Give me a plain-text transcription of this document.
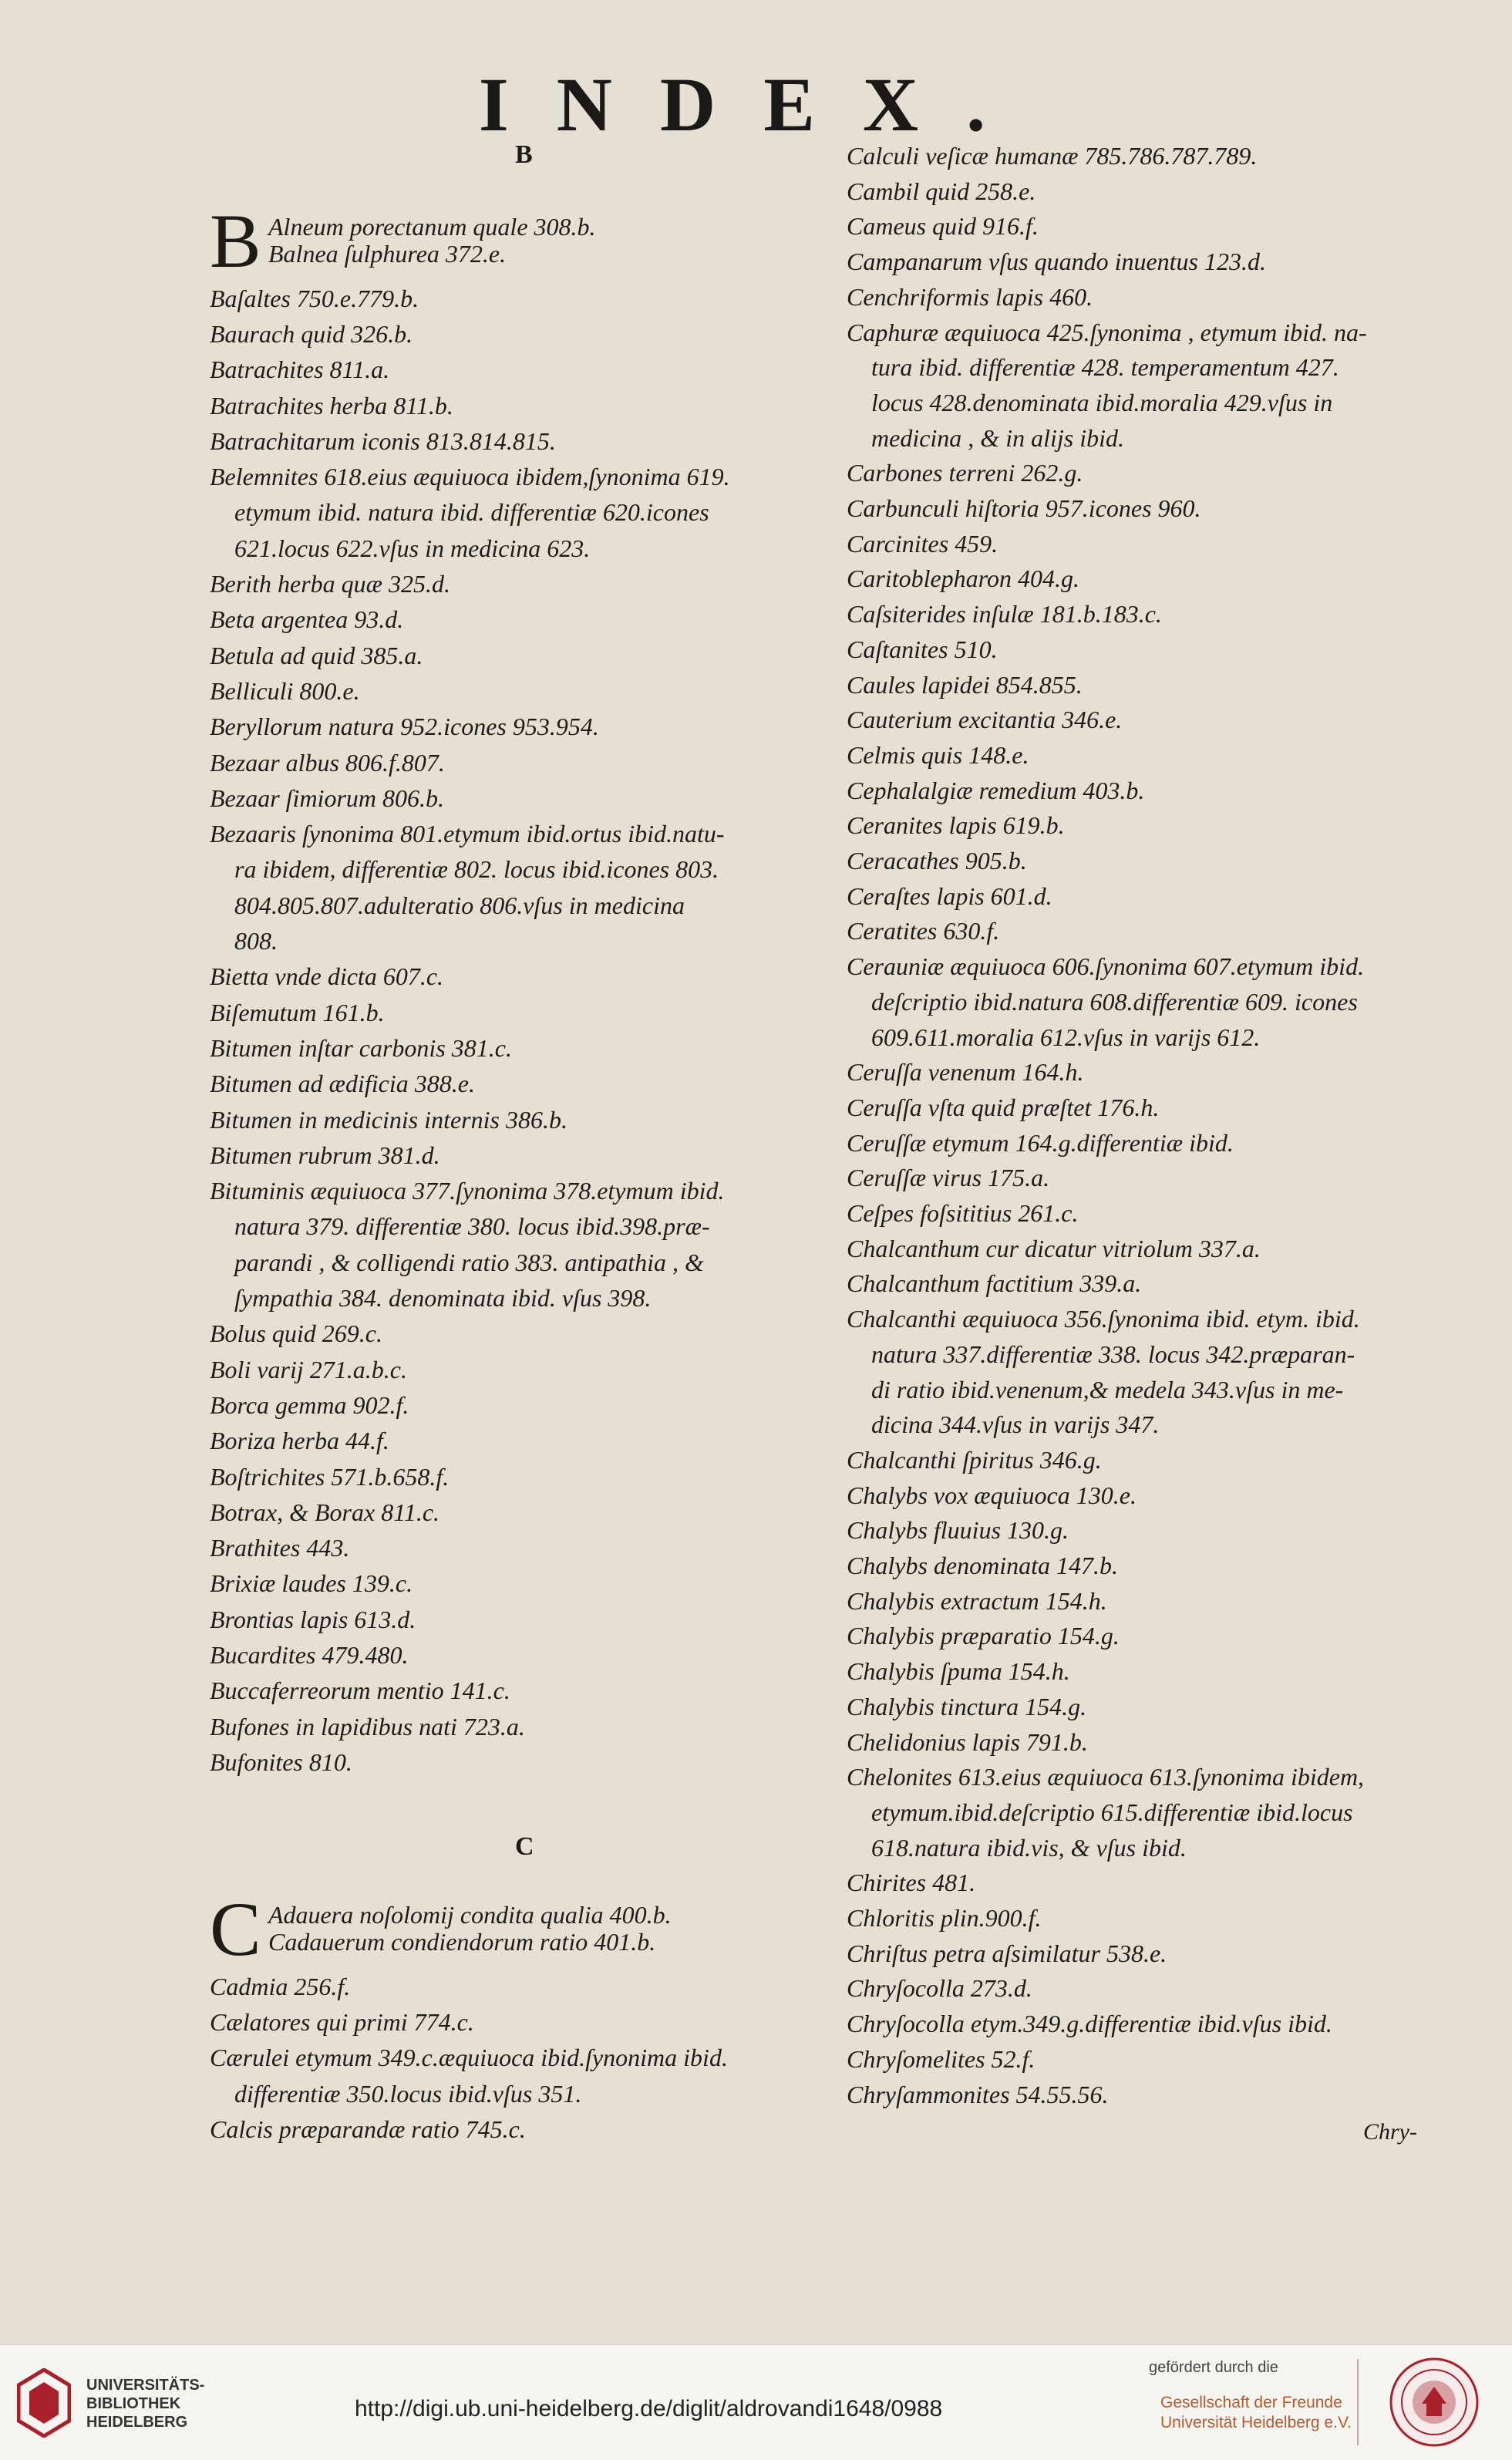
INDEX.
B
B Alneum porectanum quale 308.b.
Balnea ſulphurea 372.e.
Baſaltes 750.e.779.b.
Baurach quid 326.b.
Batrachites 811.a.
Batrachites herba 811.b.
Batrachitarum iconis 813.814.815.
Belemnites 618.eius æquiuoca ibidem,ſynonima 619.
etymum ibid. natura ibid. differentiæ 620.icones
621.locus 622.vſus in medicina 623.
Berith herba quæ 325.d.
Beta argentea 93.d.
Betula ad quid 385.a.
Belliculi 800.e.
Beryllorum natura 952.icones 953.954.
Bezaar albus 806.f.807.
Bezaar ſimiorum 806.b.
Bezaaris ſynonima 801.etymum ibid.ortus ibid.natu-
ra ibidem, differentiæ 802. locus ibid.icones 803.
804.805.807.adulteratio 806.vſus in medicina
808.
Bietta vnde dicta 607.c.
Biſemutum 161.b.
Bitumen inſtar carbonis 381.c.
Bitumen ad ædificia 388.e.
Bitumen in medicinis internis 386.b.
Bitumen rubrum 381.d.
Bituminis æquiuoca 377.ſynonima 378.etymum ibid.
natura 379. differentiæ 380. locus ibid.398.præ-
parandi , & colligendi ratio 383. antipathia , &
ſympathia 384. denominata ibid. vſus 398.
Bolus quid 269.c.
Boli varij 271.a.b.c.
Borca gemma 902.f.
Boriza herba 44.f.
Boſtrichites 571.b.658.f.
Botrax, & Borax 811.c.
Brathites 443.
Brixiæ laudes 139.c.
Brontias lapis 613.d.
Bucardites 479.480.
Buccaferreorum mentio 141.c.
Bufones in lapidibus nati 723.a.
Bufonites 810.
C
C Adauera noſolomij condita qualia 400.b.
Cadauerum condiendorum ratio 401.b.
Cadmia 256.f.
Cælatores qui primi 774.c.
Cærulei etymum 349.c.æquiuoca ibid.ſynonima ibid.
differentiæ 350.locus ibid.vſus 351.
Calcis præparandæ ratio 745.c.
Calculi veſicæ humanæ 785.786.787.789.
Cambil quid 258.e.
Cameus quid 916.f.
Campanarum vſus quando inuentus 123.d.
Cenchriformis lapis 460.
Caphuræ æquiuoca 425.ſynonima , etymum ibid. na-
tura ibid. differentiæ 428. temperamentum 427.
locus 428.denominata ibid.moralia 429.vſus in
medicina , & in alijs ibid.
Carbones terreni 262.g.
Carbunculi hiſtoria 957.icones 960.
Carcinites 459.
Caritoblepharon 404.g.
Caſsiterides inſulæ 181.b.183.c.
Caſtanites 510.
Caules lapidei 854.855.
Cauterium excitantia 346.e.
Celmis quis 148.e.
Cephalalgiæ remedium 403.b.
Ceranites lapis 619.b.
Ceracathes 905.b.
Ceraſtes lapis 601.d.
Ceratites 630.f.
Cerauniæ æquiuoca 606.ſynonima 607.etymum ibid.
deſcriptio ibid.natura 608.differentiæ 609. icones
609.611.moralia 612.vſus in varijs 612.
Ceruſſa venenum 164.h.
Ceruſſa vſta quid præſtet 176.h.
Ceruſſæ etymum 164.g.differentiæ ibid.
Ceruſſæ virus 175.a.
Ceſpes foſsititius 261.c.
Chalcanthum cur dicatur vitriolum 337.a.
Chalcanthum factitium 339.a.
Chalcanthi æquiuoca 356.ſynonima ibid. etym. ibid.
natura 337.differentiæ 338. locus 342.præparan-
di ratio ibid.venenum,& medela 343.vſus in me-
dicina 344.vſus in varijs 347.
Chalcanthi ſpiritus 346.g.
Chalybs vox æquiuoca 130.e.
Chalybs fluuius 130.g.
Chalybs denominata 147.b.
Chalybis extractum 154.h.
Chalybis præparatio 154.g.
Chalybis ſpuma 154.h.
Chalybis tinctura 154.g.
Chelidonius lapis 791.b.
Chelonites 613.eius æquiuoca 613.ſynonima ibidem,
etymum.ibid.deſcriptio 615.differentiæ ibid.locus
618.natura ibid.vis, & vſus ibid.
Chirites 481.
Chloritis plin.900.f.
Chriſtus petra aſsimilatur 538.e.
Chryſocolla 273.d.
Chryſocolla etym.349.g.differentiæ ibid.vſus ibid.
Chryſomelites 52.f.
Chryſammonites 54.55.56.
Chry-
UNIVERSITÄTS-
BIBLIOTHEK
HEIDELBERG
http://digi.ub.uni-heidelberg.de/diglit/aldrovandi1648/0988
gefördert durch die
Gesellschaft der Freunde
Universität Heidelberg e.V.
